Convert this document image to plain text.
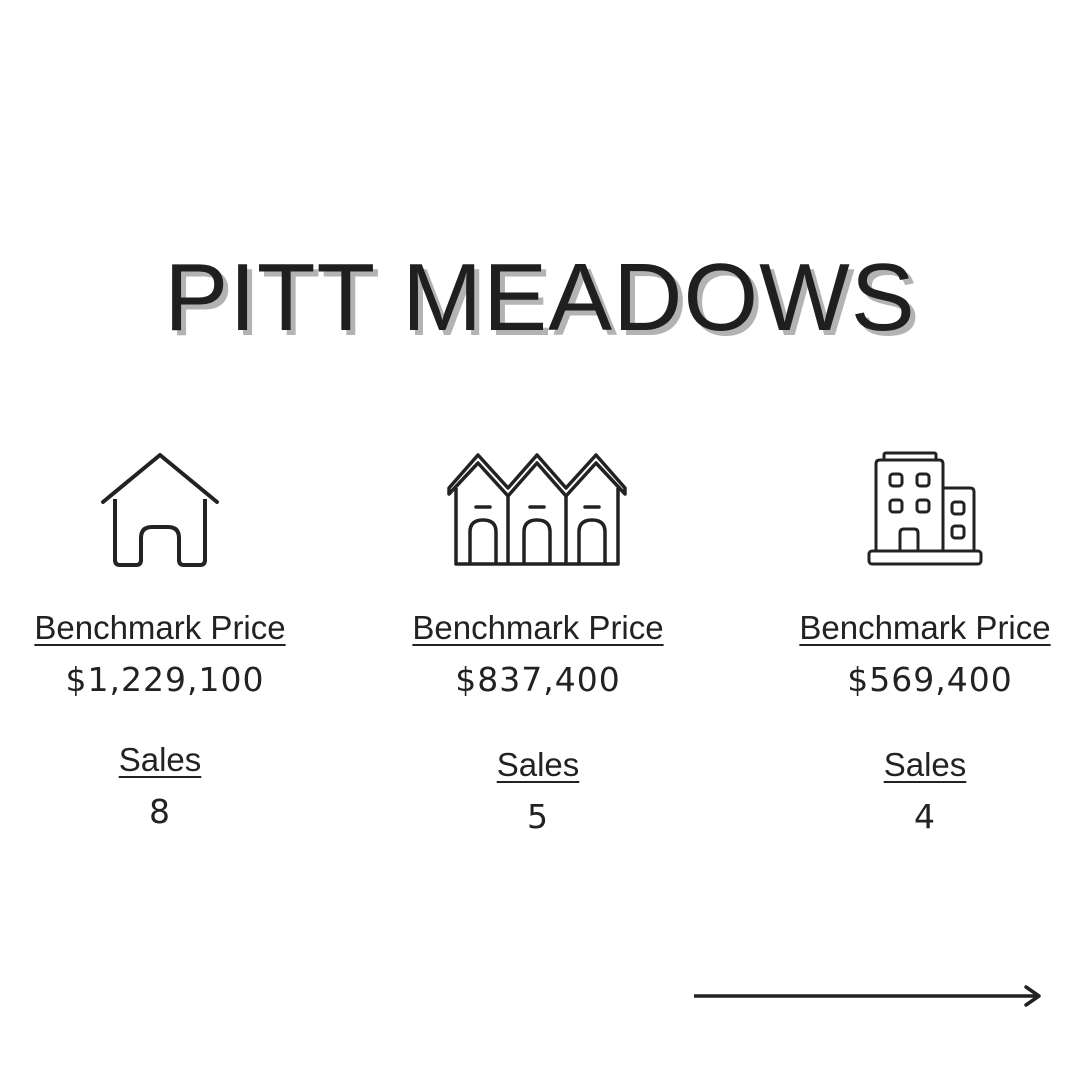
PITT MEADOWS
Benchmark Price
$1,229,100
Sales
8
Benchmark Price
$837,400
Sales
5
Benchmark Price
$569,400
Sales
4
